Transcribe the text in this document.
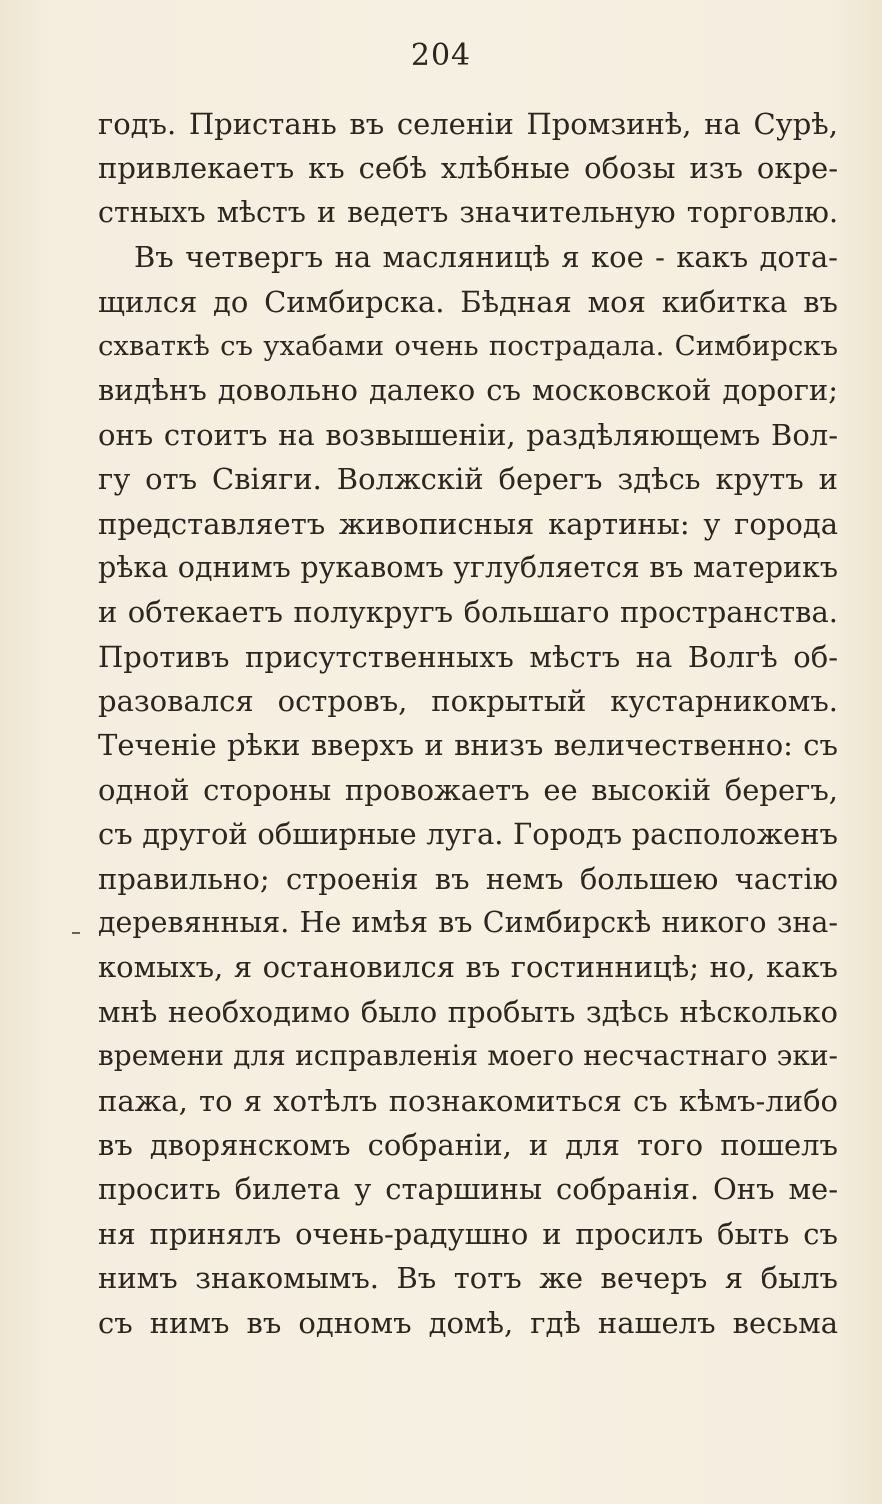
204
годъ. Пристань въ селенiи Промзинѣ, на Сурѣ,
привлекаетъ къ себѣ хлѣбные обозы изъ окре-
стныхъ мѣстъ и ведетъ значительную торговлю.
Въ четвергъ на масляницѣ я кое - какъ дота-
щился до Симбирска. Бѣдная моя кибитка въ
схваткѣ съ ухабами очень пострадала. Симбирскъ
видѣнъ довольно далеко съ московской дороги;
онъ стоитъ на возвышенiи, раздѣляющемъ Вол-
гу отъ Свiяги. Волжскiй берегъ здѣсь крутъ и
представляетъ живописныя картины: у города
рѣка однимъ рукавомъ углубляется въ материкъ
и обтекаетъ полукругъ большаго пространства.
Противъ присутственныхъ мѣстъ на Волгѣ об-
разовался островъ, покрытый кустарникомъ.
Теченiе рѣки вверхъ и внизъ величественно: съ
одной стороны провожаетъ ее высокiй берегъ,
съ другой обширные луга. Городъ расположенъ
правильно; строенiя въ немъ большею частiю
деревянныя. Не имѣя въ Симбирскѣ никого зна-
комыхъ, я остановился въ гостинницѣ; но, какъ
мнѣ необходимо было пробыть здѣсь нѣсколько
времени для исправленiя моего несчастнаго эки-
пажа, то я хотѣлъ познакомиться съ кѣмъ-либо
въ дворянскомъ собранiи, и для того пошелъ
просить билета у старшины собранiя. Онъ ме-
ня принялъ очень-радушно и просилъ быть съ
нимъ знакомымъ. Въ тотъ же вечеръ я былъ
съ нимъ въ одномъ домѣ, гдѣ нашелъ весьма
